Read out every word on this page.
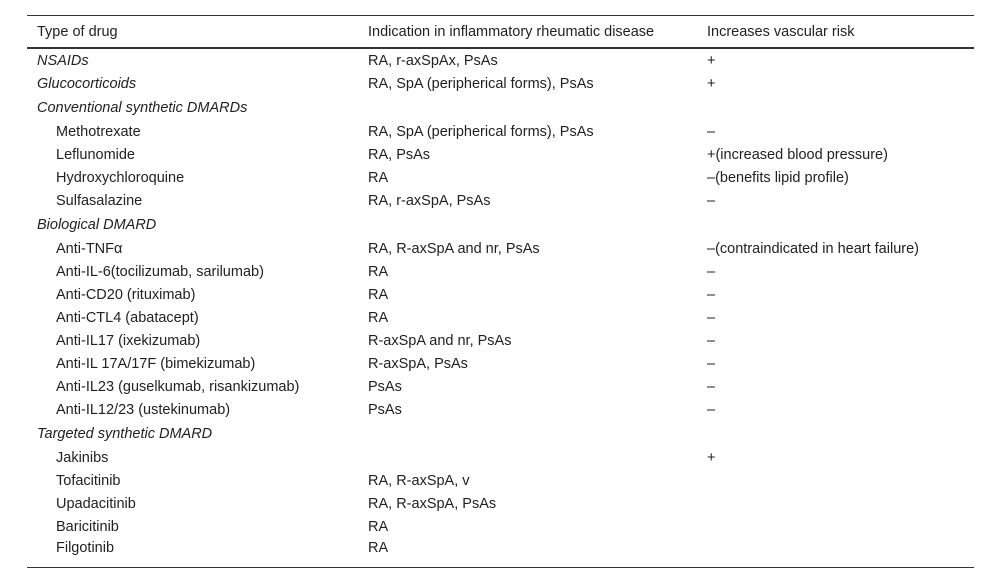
Type of drug	Indication in inflammatory rheumatic disease	Increases vascular risk
NSAIDs	RA, r-axSpAx, PsAs	+
Glucocorticoids	RA, SpA (peripherical forms), PsAs	+
Conventional synthetic DMARDs		
Methotrexate	RA, SpA (peripherical forms), PsAs	–
Leflunomide	RA, PsAs	+(increased blood pressure)
Hydroxychloroquine	RA	–(benefits lipid profile)
Sulfasalazine	RA, r-axSpA, PsAs	–
Biological DMARD		
Anti-TNFα	RA, R-axSpA and nr, PsAs	–(contraindicated in heart failure)
Anti-IL-6(tocilizumab, sarilumab)	RA	–
Anti-CD20 (rituximab)	RA	–
Anti-CTL4 (abatacept)	RA	–
Anti-IL17 (ixekizumab)	R-axSpA and nr, PsAs	–
Anti-IL 17A/17F (bimekizumab)	R-axSpA, PsAs	–
Anti-IL23 (guselkumab, risankizumab)	PsAs	–
Anti-IL12/23 (ustekinumab)	PsAs	–
Targeted synthetic DMARD		
Jakinibs		+
Tofacitinib	RA, R-axSpA, v	
Upadacitinib	RA, R-axSpA, PsAs	
Baricitinib	RA	
Filgotinib	RA	
